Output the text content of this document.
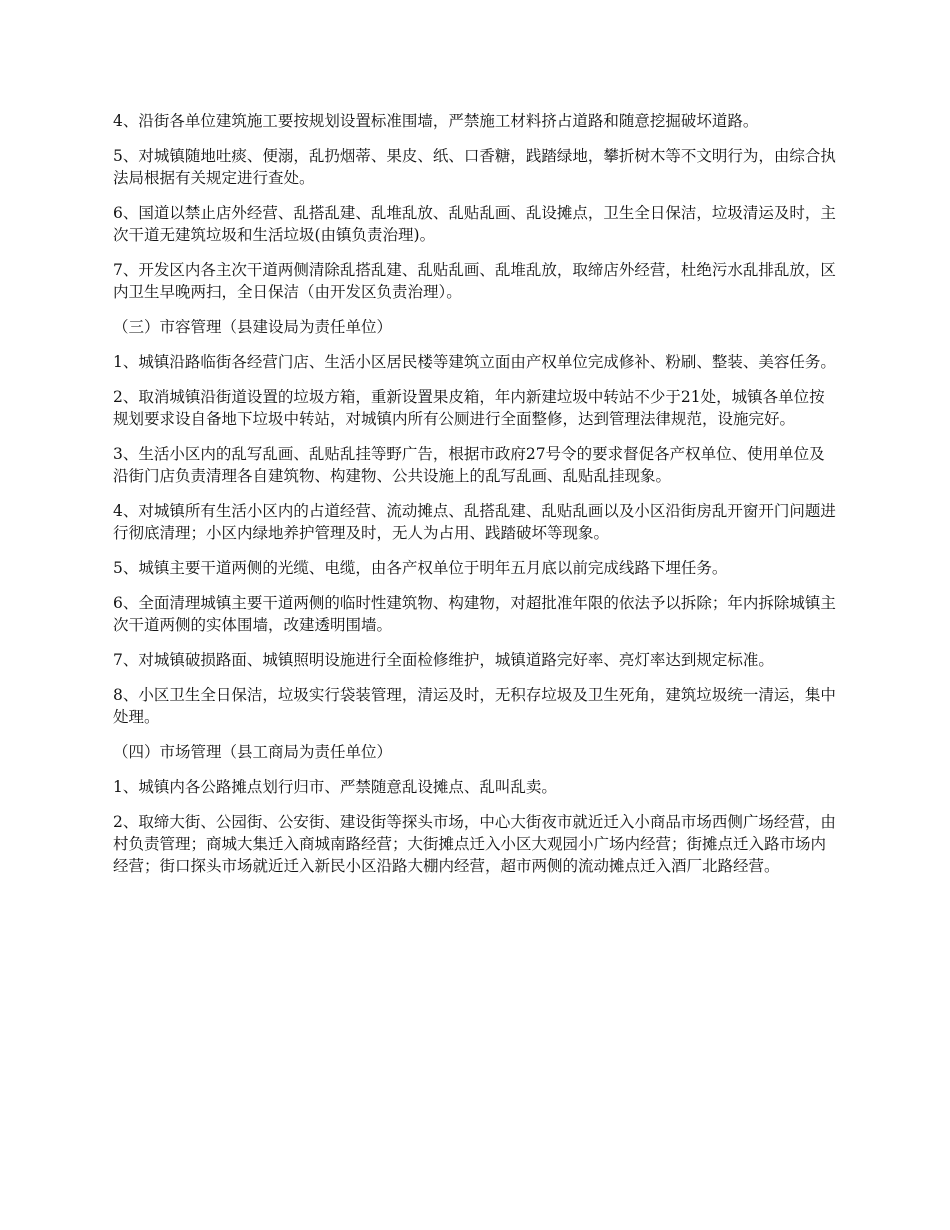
4、沿街各单位建筑施工要按规划设置标准围墙，严禁施工材料挤占道路和随意挖掘破坏道路。

5、对城镇随地吐痰、便溺，乱扔烟蒂、果皮、纸、口香糖，践踏绿地，攀折树木等不文明行为，由综合执法局根据有关规定进行查处。

6、国道以禁止店外经营、乱搭乱建、乱堆乱放、乱贴乱画、乱设摊点，卫生全日保洁，垃圾清运及时，主次干道无建筑垃圾和生活垃圾(由镇负责治理)。

7、开发区内各主次干道两侧清除乱搭乱建、乱贴乱画、乱堆乱放，取缔店外经营，杜绝污水乱排乱放，区内卫生早晚两扫，全日保洁（由开发区负责治理）。

（三）市容管理（县建设局为责任单位）

1、城镇沿路临街各经营门店、生活小区居民楼等建筑立面由产权单位完成修补、粉刷、整装、美容任务。

2、取消城镇沿街道设置的垃圾方箱，重新设置果皮箱，年内新建垃圾中转站不少于21处，城镇各单位按规划要求设自备地下垃圾中转站，对城镇内所有公厕进行全面整修，达到管理法律规范，设施完好。

3、生活小区内的乱写乱画、乱贴乱挂等野广告，根据市政府27号令的要求督促各产权单位、使用单位及沿街门店负责清理各自建筑物、构建物、公共设施上的乱写乱画、乱贴乱挂现象。

4、对城镇所有生活小区内的占道经营、流动摊点、乱搭乱建、乱贴乱画以及小区沿街房乱开窗开门问题进行彻底清理；小区内绿地养护管理及时，无人为占用、践踏破坏等现象。

5、城镇主要干道两侧的光缆、电缆，由各产权单位于明年五月底以前完成线路下埋任务。

6、全面清理城镇主要干道两侧的临时性建筑物、构建物，对超批准年限的依法予以拆除；年内拆除城镇主次干道两侧的实体围墙，改建透明围墙。

7、对城镇破损路面、城镇照明设施进行全面检修维护，城镇道路完好率、亮灯率达到规定标准。

8、小区卫生全日保洁，垃圾实行袋装管理，清运及时，无积存垃圾及卫生死角，建筑垃圾统一清运，集中处理。

（四）市场管理（县工商局为责任单位）

1、城镇内各公路摊点划行归市、严禁随意乱设摊点、乱叫乱卖。

2、取缔大街、公园街、公安街、建设街等探头市场，中心大街夜市就近迁入小商品市场西侧广场经营，由村负责管理；商城大集迁入商城南路经营；大街摊点迁入小区大观园小广场内经营；街摊点迁入路市场内经营；街口探头市场就近迁入新民小区沿路大棚内经营，超市两侧的流动摊点迁入酒厂北路经营。
